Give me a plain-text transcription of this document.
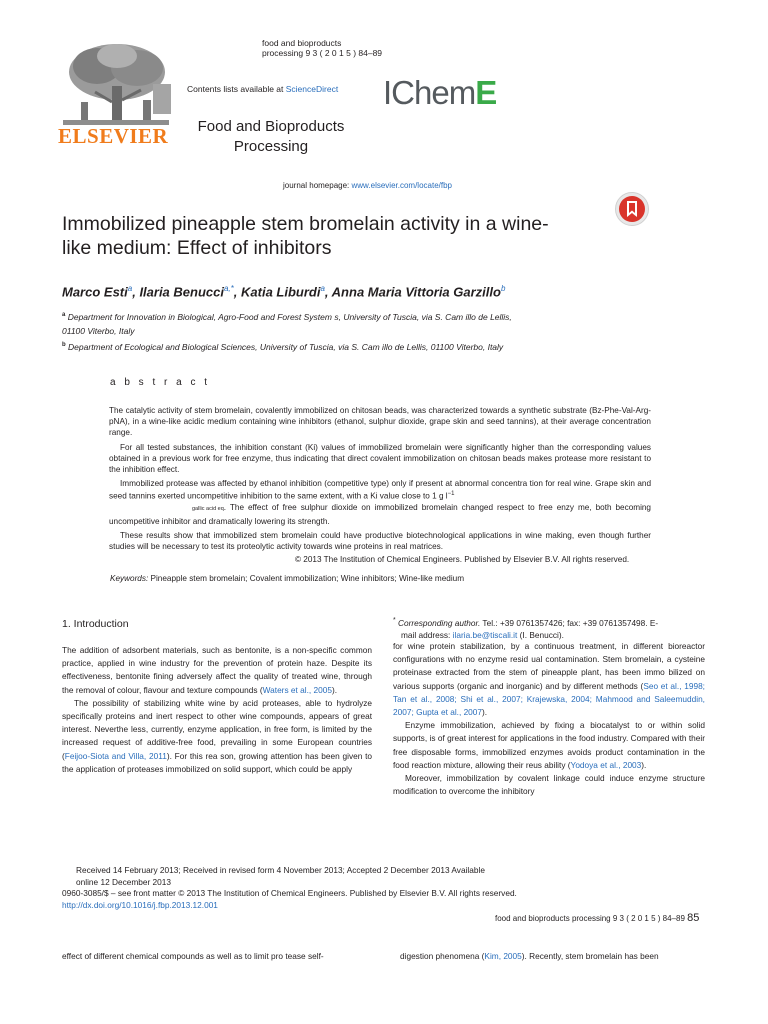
food and bioproducts
processing 9 3 ( 2 0 1 5 ) 84–89
ELSEVIER
Contents lists available at ScienceDirect IChemE
Food and Bioproducts Processing
journal homepage: www.elsevier.com/locate/fbp
Immobilized pineapple stem bromelain activity in a wine-like medium: Effect of inhibitors
Marco Esti$^a$, Ilaria Benucci$^{a,*}$, Katia Liburdi$^a$, Anna Maria Vittoria Garzillo$^b$
$^a$ Department for Innovation in Biological, Agro-Food and Forest System s, University of Tuscia, via S. Cam illo de Lellis,
01100 Viterbo, Italy
$^b$ Department of Ecological and Biological Sciences, University of Tuscia, via S. Cam illo de Lellis, 01100 Viterbo, Italy
a b s t r a c t

The catalytic activity of stem bromelain, covalently immobilized on chitosan beads, was characterized towards a synthetic substrate (Bz-Phe-Val-Arg-pNA), in a wine-like acidic medium containing wine inhibitors (ethanol, sulphur dioxide, grape skin and seed tannins), at their average concentration range.

For all tested substances, the inhibition constant (Ki) values of immobilized bromelain were significantly higher than the corresponding values obtained in a previous work for free enzyme, thus indicating that direct covalent immobilization on chitosan beads makes protease more resistant to the inhibition effect.

Immobilized protease was affected by ethanol inhibition (competitive type) only if present at abnormal concentra tion for real wine. Grape skin and seed tannins exerted uncompetitive inhibition to the same extent, with a Ki value close to 1 g $l^{-1}$
gallic acid eq. The effect of free sulphur dioxide on immobilized bromelain changed respect to free enzy me, both becoming uncompetitive inhibitor and dramatically lowering its strength.

These results show that immobilized stem bromelain could have productive biotechnological applications in wine making, even though further studies will be necessary to test its proteolytic activity towards wine proteins in real matrices.

© 2013 The Institution of Chemical Engineers. Published by Elsevier B.V. All rights reserved.
Keywords: Pineapple stem bromelain; Covalent immobilization; Wine inhibitors; Wine-like medium
1. Introduction

The addition of adsorbent materials, such as bentonite, is a non-specific common practice, applied in wine industry for the prevention of protein haze. Despite its effectiveness, bentonite fining adversely affect the quality of treated wine, through the removal of colour, flavour and texture compounds (Waters et al., 2005).

The possibility of stabilizing white wine by acid proteases, able to hydrolyze specifically proteins and inert respect to other wine compounds, appears of great interest. Neverthe less, currently, enzyme application, in free form, is limited by the increased request of additive-free food, prevailing in some European countries (Feijoo-Siota and Villa, 2011). For this rea son, growing attention has been given to the application of proteases immobilized on solid support, which could be apply

* Corresponding author. Tel.: +39 0761357426; fax: +39 0761357498. E-
mail address: ilaria.be@tiscali.it (I. Benucci).

for wine protein stabilization, by a continuous treatment, in different bioreactor configurations with no enzyme resid ual contamination. Stem bromelain, a cysteine proteinase extracted from the stem of pineapple plant, has been immo bilized on various supports (organic and inorganic) and by different methods (Seo et al., 1998; Tan et al., 2008; Shi et al., 2007; Krajewska, 2004; Mahmood and Saleemuddin, 2007; Gupta et al., 2007).

Enzyme immobilization, achieved by fixing a biocatalyst to or within solid supports, is of great interest for applications in the food industry. Compared with their free disposable forms, immobilized enzymes avoids product contamination in the food reaction mixture, allowing their reus ability (Yodoya et al., 2003).

Moreover, immobilization by covalent linkage could induce enzyme structure modification to overcome the inhibitory

Received 14 February 2013; Received in revised form 4 November 2013; Accepted 2 December 2013 Available
online 12 December 2013
0960-3085/$ – see front matter © 2013 The Institution of Chemical Engineers. Published by Elsevier B.V. All rights reserved.
http://dx.doi.org/10.1016/j.fbp.2013.12.001
food and bioproducts processing 9 3 ( 2 0 1 5 ) 84–89 85
effect of different chemical compounds as well as to limit pro tease self-	digestion phenomena (Kim, 2005). Recently, stem bromelain has been
